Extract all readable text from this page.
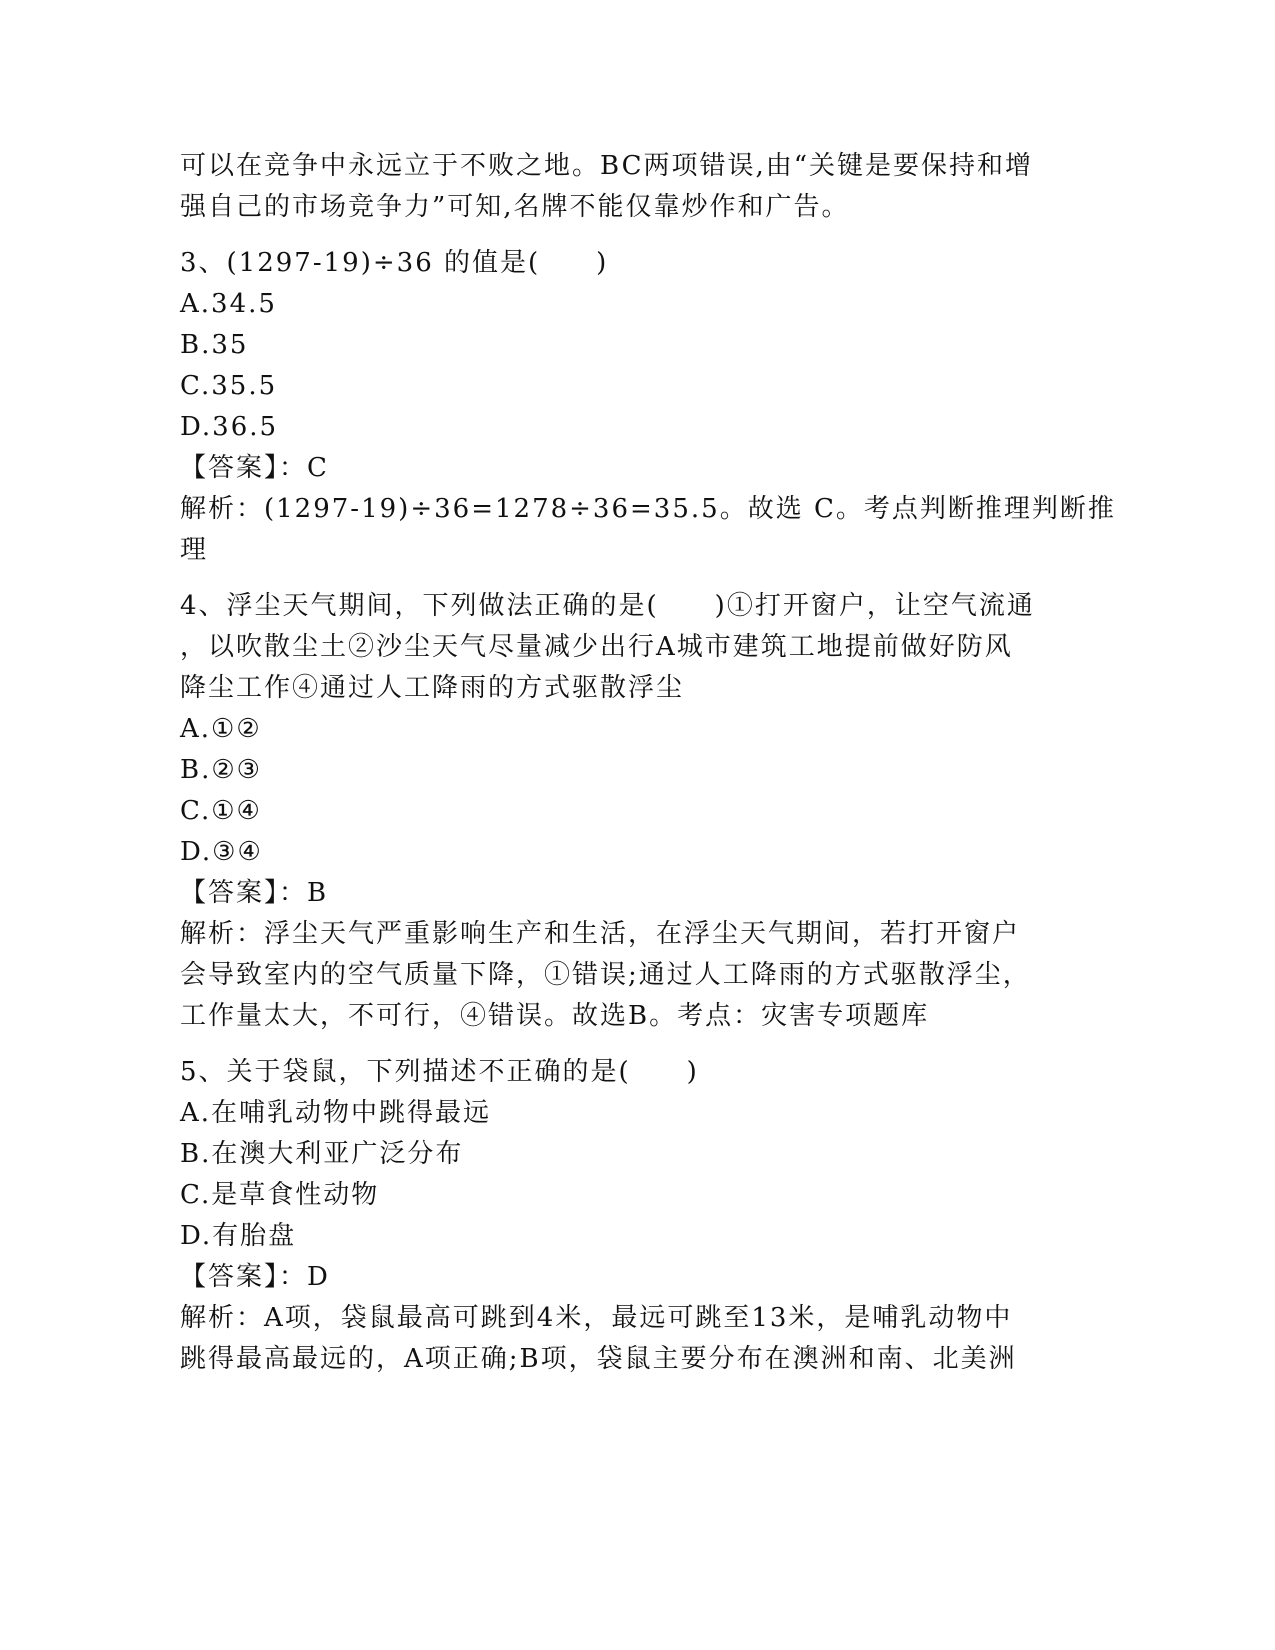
可以在竞争中永远立于不败之地。BC两项错误,由“关键是要保持和增
强自己的市场竞争力”可知,名牌不能仅靠炒作和广告。
3、(1297-19)÷36 的值是(　　)
A.34.5
B.35
C.35.5
D.36.5
【答案】：C
解析：(1297-19)÷36=1278÷36=35.5。故选 C。考点判断推理判断推
理
4、浮尘天气期间，下列做法正确的是(　　)①打开窗户，让空气流通
，以吹散尘土②沙尘天气尽量减少出行A城市建筑工地提前做好防风
降尘工作④通过人工降雨的方式驱散浮尘
A.①②
B.②③
C.①④
D.③④
【答案】：B
解析：浮尘天气严重影响生产和生活，在浮尘天气期间，若打开窗户
会导致室内的空气质量下降，①错误;通过人工降雨的方式驱散浮尘，
工作量太大，不可行，④错误。故选B。考点：灾害专项题库
5、关于袋鼠，下列描述不正确的是(　　)
A.在哺乳动物中跳得最远
B.在澳大利亚广泛分布
C.是草食性动物
D.有胎盘
【答案】：D
解析：A项，袋鼠最高可跳到4米，最远可跳至13米，是哺乳动物中
跳得最高最远的，A项正确;B项，袋鼠主要分布在澳洲和南、北美洲
